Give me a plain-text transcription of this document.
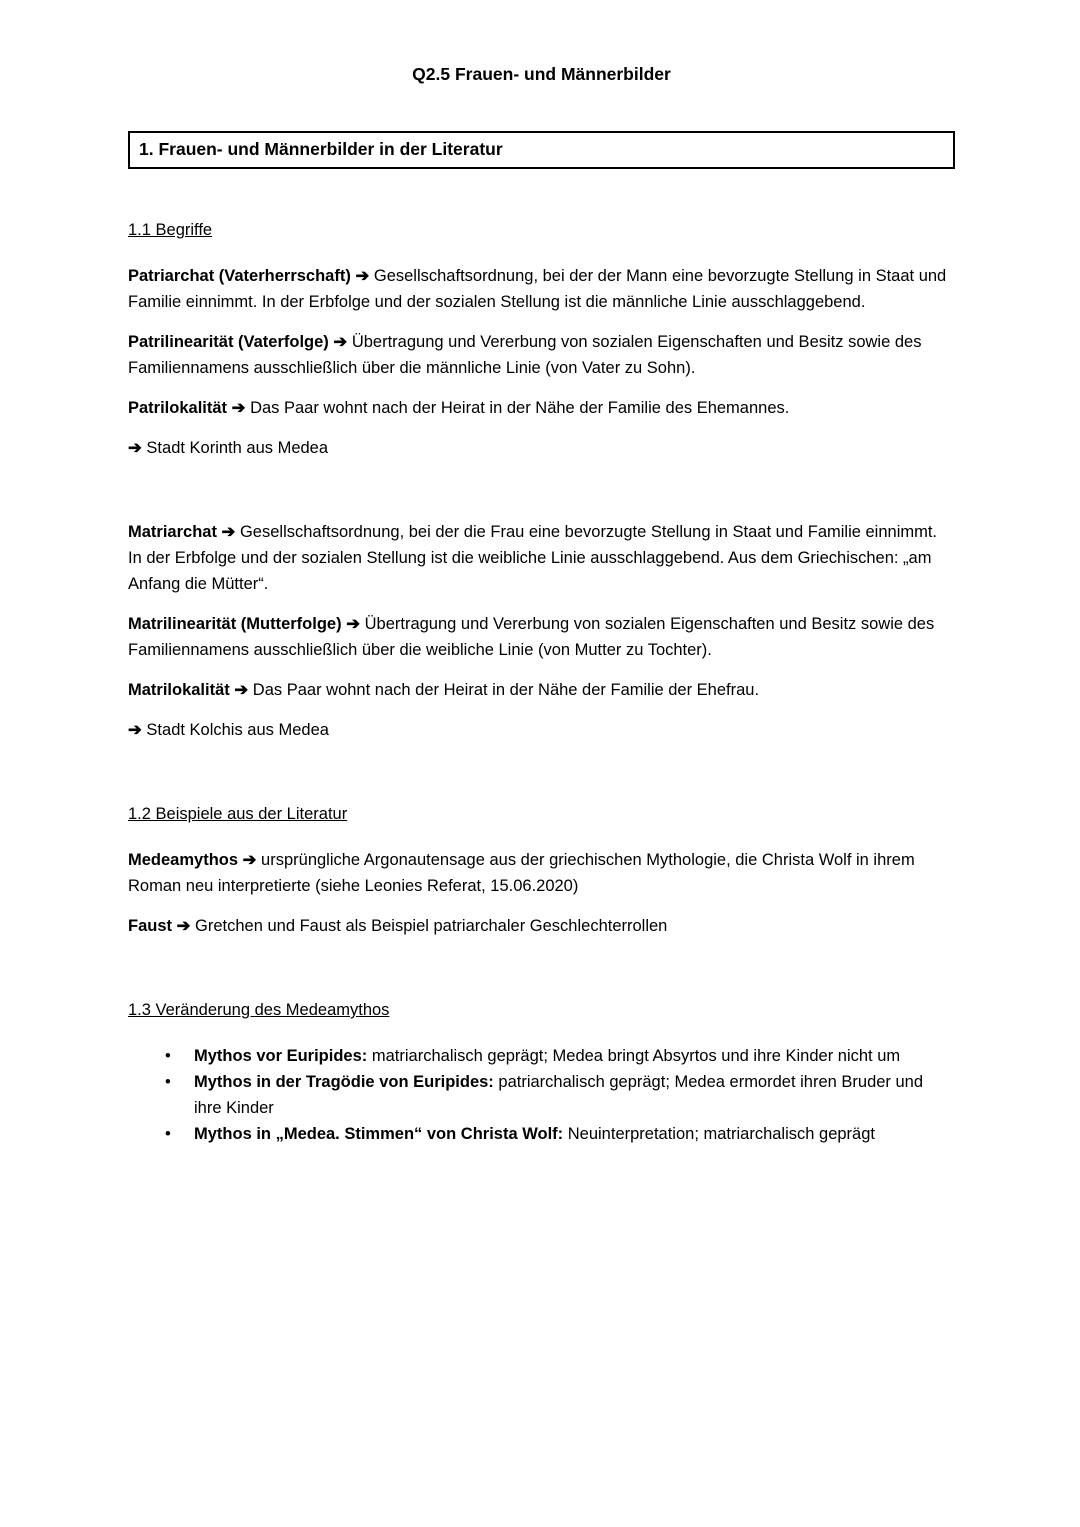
Q2.5 Frauen- und Männerbilder
1. Frauen- und Männerbilder in der Literatur

1.1 Begriffe

Patriarchat (Vaterherrschaft) ➔ Gesellschaftsordnung, bei der der Mann eine bevorzugte Stellung in Staat und Familie einnimmt. In der Erbfolge und der sozialen Stellung ist die männliche Linie ausschlaggebend.

Patrilinearität (Vaterfolge) ➔ Übertragung und Vererbung von sozialen Eigenschaften und Besitz sowie des Familiennamens ausschließlich über die männliche Linie (von Vater zu Sohn).

Patrilokalität ➔ Das Paar wohnt nach der Heirat in der Nähe der Familie des Ehemannes.

➔ Stadt Korinth aus Medea

Matriarchat ➔ Gesellschaftsordnung, bei der die Frau eine bevorzugte Stellung in Staat und Familie einnimmt. In der Erbfolge und der sozialen Stellung ist die weibliche Linie ausschlaggebend. Aus dem Griechischen: „am Anfang die Mütter“.

Matrilinearität (Mutterfolge) ➔ Übertragung und Vererbung von sozialen Eigenschaften und Besitz sowie des Familiennamens ausschließlich über die weibliche Linie (von Mutter zu Tochter).

Matrilokalität ➔ Das Paar wohnt nach der Heirat in der Nähe der Familie der Ehefrau.

➔ Stadt Kolchis aus Medea

1.2 Beispiele aus der Literatur

Medeamythos ➔ ursprüngliche Argonautensage aus der griechischen Mythologie, die Christa Wolf in ihrem Roman neu interpretierte (siehe Leonies Referat, 15.06.2020)

Faust ➔ Gretchen und Faust als Beispiel patriarchaler Geschlechterrollen

1.3 Veränderung des Medeamythos

•	Mythos vor Euripides: matriarchalisch geprägt; Medea bringt Absyrtos und ihre Kinder nicht um
•	Mythos in der Tragödie von Euripides: patriarchalisch geprägt; Medea ermordet ihren Bruder und ihre Kinder
•	Mythos in „Medea. Stimmen“ von Christa Wolf: Neuinterpretation; matriarchalisch geprägt
